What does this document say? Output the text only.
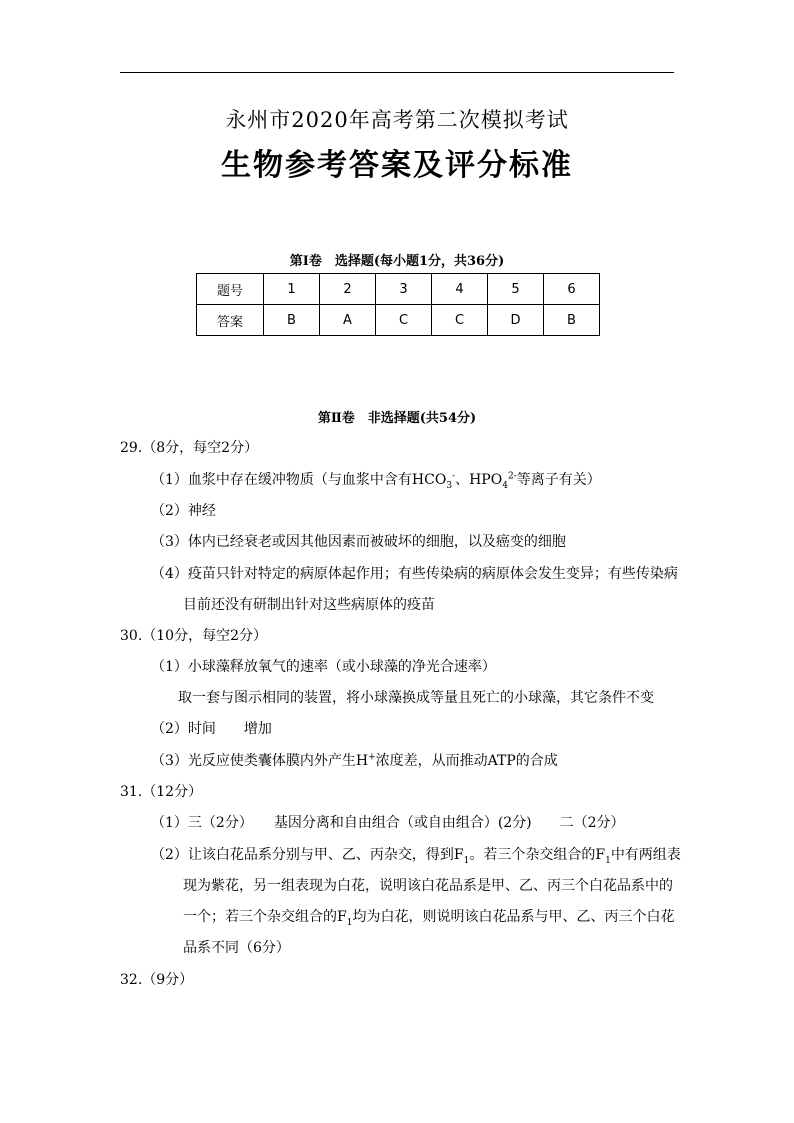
永州市2020年高考第二次模拟考试
生物参考答案及评分标准
第Ⅰ卷　选择题(每小题1分，共36分)
题号	1	2	3	4	5	6
答案	B	A	C	C	D	B
第Ⅱ卷　非选择题(共54分)
29.（8分，每空2分）
（1）血浆中存在缓冲物质（与血浆中含有$HCO_3^-$、$HPO_4^{2-}$等离子有关）
（2）神经
（3）体内已经衰老或因其他因素而被破坏的细胞，以及癌变的细胞
（4）疫苗只针对特定的病原体起作用；有些传染病的病原体会发生变异；有些传染病
目前还没有研制出针对这些病原体的疫苗
30.（10分，每空2分）
（1）小球藻释放氧气的速率（或小球藻的净光合速率）
取一套与图示相同的装置，将小球藻换成等量且死亡的小球藻，其它条件不变
（2）时间　　增加
（3）光反应使类囊体膜内外产生H+浓度差，从而推动ATP的合成
31.（12分）
（1）三（2分）　　基因分离和自由组合（或自由组合）(2分)　　二（2分）
（2）让该白花品系分别与甲、乙、丙杂交，得到$F_1$。若三个杂交组合的$F_1$中有两组表
现为紫花，另一组表现为白花，说明该白花品系是甲、乙、丙三个白花品系中的
一个；若三个杂交组合的$F_1$均为白花，则说明该白花品系与甲、乙、丙三个白花
品系不同（6分）
32.（9分）
